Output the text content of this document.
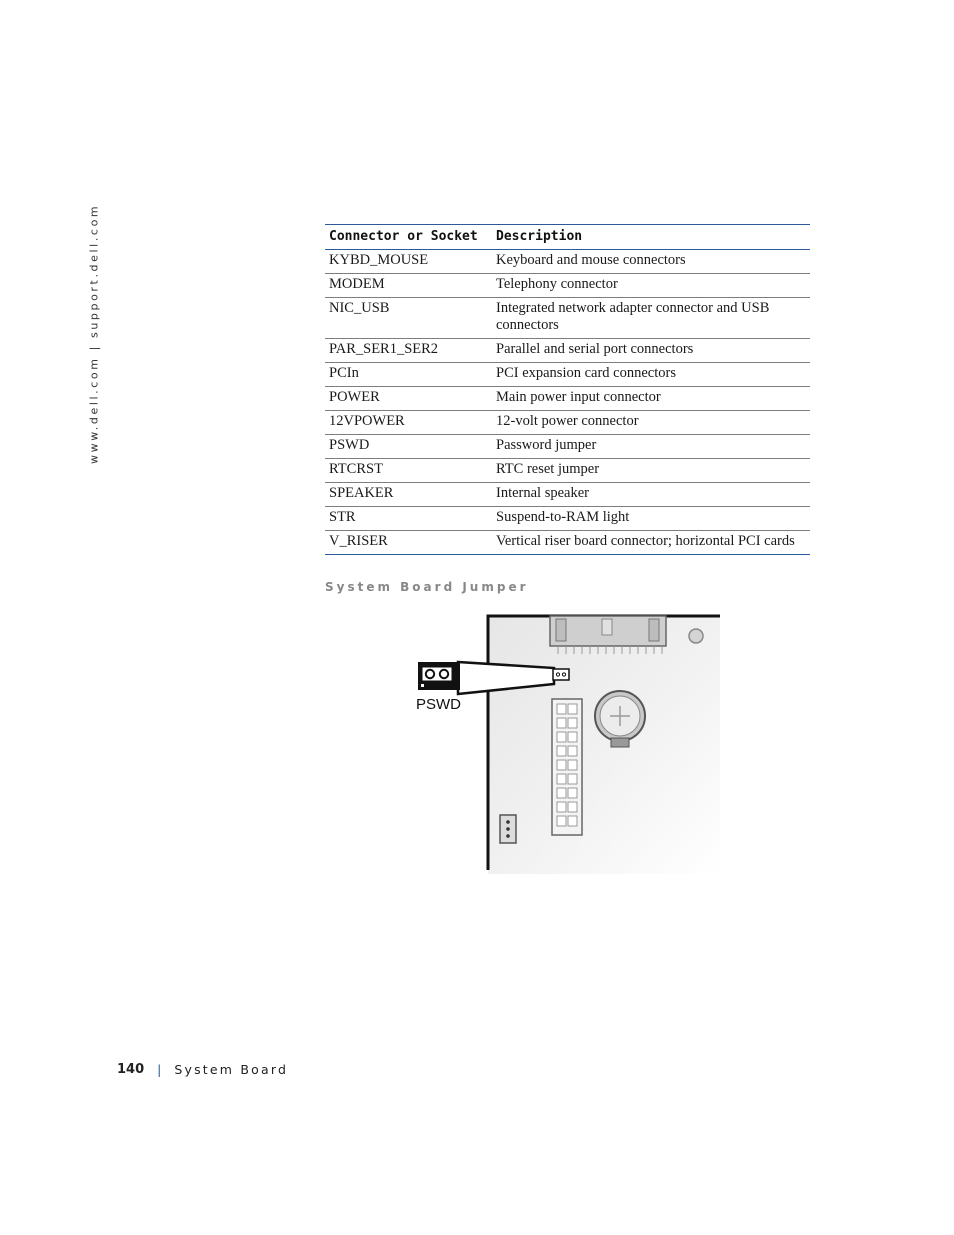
www.dell.com | support.dell.com	Connector or Socket	Description
KYBD_MOUSE	Keyboard and mouse connectors
MODEM	Telephony connector
NIC_USB	Integrated network adapter connector and USB connectors
PAR_SER1_SER2	Parallel and serial port connectors
PCIn	PCI expansion card connectors
POWER	Main power input connector
12VPOWER	12-volt power connector
PSWD	Password jumper
RTCRST	RTC reset jumper
SPEAKER	Internal speaker
STR	Suspend-to-RAM light
V_RISER	Vertical riser board connector; horizontal PCI cards
System Board Jumper
PSWD
140 | System Board
